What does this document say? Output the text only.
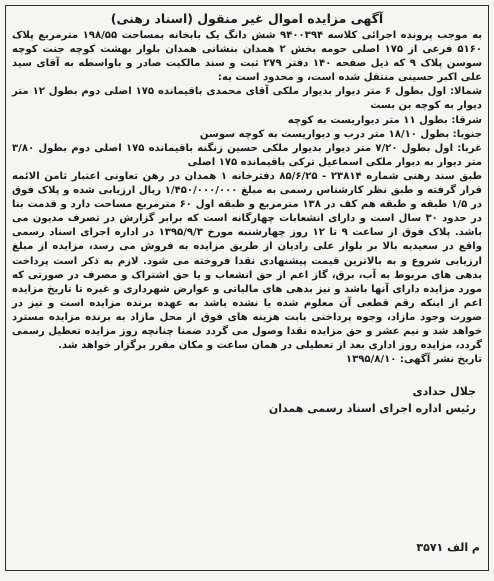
آگهی مزایده اموال غیر منقول (اسناد رهنی)

به موجب پرونده اجرائی کلاسه ۹۴۰۰۳۹۴ شش دانگ یک بابخانه بمساحت ۱۹۸/۵۵ مترمربع پلاک ۵۱۶۰ فرعی از ۱۷۵ اصلی حومه بخش ۲ همدان بنشانی همدان بلوار بهشت کوچه جنت کوچه سوسن پلاک ۹ که ذیل صفحه ۱۴۰ دفتر ۲۷۹ ثبت و سند مالکیت صادر و باواسطه به آقای سید علی اکبر حسینی منتقل شده است، و محدود است به:

شمالا: اول بطول ۶ متر دیوار بدیوار ملکی آقای محمدی باقیمانده ۱۷۵ اصلی دوم بطول ۱۲ متر دیوار به کوچه بن بست

شرقا: بطول ۱۱ متر دیواریست به کوچه

جنوبا: بطول ۱۸/۱۰ متر درب و دیواریست به کوچه سوسن

غربا: اول بطول ۷/۲۰ متر دیوار بدیوار ملکی حسین زنگنه باقیمانده ۱۷۵ اصلی دوم بطول ۳/۸۰ متر دیوار به دیوار ملکی اسماعیل ترکی باقیمانده ۱۷۵ اصلی

طبق سند رهنی شماره ۲۳۸۱۴ - ۸۵/۶/۲۵ دفترخانه ۱ همدان در رهن تعاونی اعتبار ثامن الائمه قرار گرفته و طبق نظر کارشناس رسمی به مبلغ ۱/۴۵۰/۰۰۰/۰۰۰ ریال ارزیابی شده و پلاک فوق در ۱/۵ طبقه و طبقه هم کف در ۱۳۸ مترمربع و طبقه اول ۶۰ مترمربع مساحت دارد و قدمت بنا در حدود ۳۰ سال است و دارای انشعابات چهارگانه است که برابر گزارش در تصرف مدیون می باشد. پلاک فوق از ساعت ۹ تا ۱۲ روز چهارشنبه مورخ ۱۳۹۵/۹/۳ در اداره اجرای اسناد رسمی واقع در سعیدیه بالا بر بلوار علی رادیان از طریق مزایده به فروش می رسد، مزایده از مبلغ ارزیابی شروع و به بالاترین قیمت پیشنهادی نقدا فروخته می شود. لازم به ذکر است پرداخت بدهی های مربوط به آب، برق، گاز اعم از حق انشعاب و یا حق اشتراک و مصرف در صورتی که مورد مزایده دارای آنها باشد و نیز بدهی های مالیاتی و عوارض شهرداری و غیره تا تاریخ مزایده اعم از اینکه رقم قطعی آن معلوم شده یا نشده باشد به عهده برنده مزایده است و نیز در صورت وجود مازاد، وجوه پرداختی بابت هزینه های فوق از محل مازاد به برنده مزایده مسترد خواهد شد و نیم عشر و حق مزایده نقدا وصول می گردد ضمنا چنانچه روز مزایده تعطیل رسمی گردد، مزایده روز اداری بعد از تعطیلی در همان ساعت و مکان مقرر برگزار خواهد شد.

تاریخ نشر آگهی: ۱۳۹۵/۸/۱۰

جلال حدادی
رئیس اداره اجرای اسناد رسمی همدان
م الف ۳۵۷۱
